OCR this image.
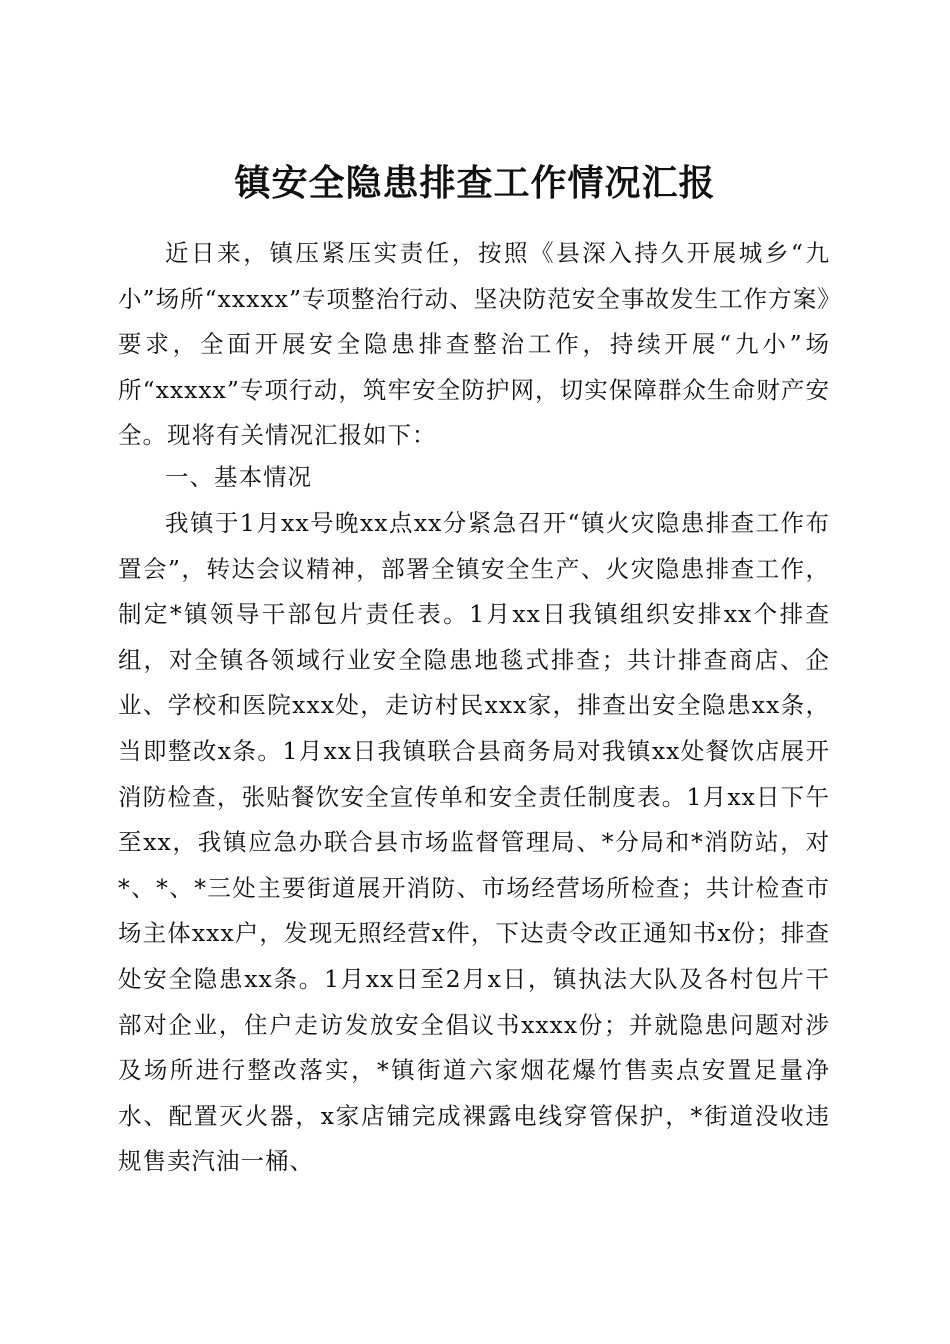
镇安全隐患排查工作情况汇报

近日来，镇压紧压实责任，按照《县深入持久开展城乡“九小”场所“xxxxx”专项整治行动、坚决防范安全事故发生工作方案》要求，全面开展安全隐患排查整治工作，持续开展“九小”场所“xxxxx”专项行动，筑牢安全防护网，切实保障群众生命财产安全。现将有关情况汇报如下：

一、基本情况

我镇于1月xx号晚xx点xx分紧急召开“镇火灾隐患排查工作布置会”，转达会议精神，部署全镇安全生产、火灾隐患排查工作，制定*镇领导干部包片责任表。1月xx日我镇组织安排xx个排查组，对全镇各领域行业安全隐患地毯式排查；共计排查商店、企业、学校和医院xxx处，走访村民xxx家，排查出安全隐患xx条，当即整改x条。1月xx日我镇联合县商务局对我镇xx处餐饮店展开消防检查，张贴餐饮安全宣传单和安全责任制度表。1月xx日下午至xx，我镇应急办联合县市场监督管理局、*分局和*消防站，对*、*、*三处主要街道展开消防、市场经营场所检查；共计检查市场主体xxx户，发现无照经营x件，下达责令改正通知书x份；排查处安全隐患xx条。1月xx日至2月x日，镇执法大队及各村包片干部对企业，住户走访发放安全倡议书xxxx份；并就隐患问题对涉及场所进行整改落实，*镇街道六家烟花爆竹售卖点安置足量净水、配置灭火器，x家店铺完成裸露电线穿管保护，*街道没收违规售卖汽油一桶、
